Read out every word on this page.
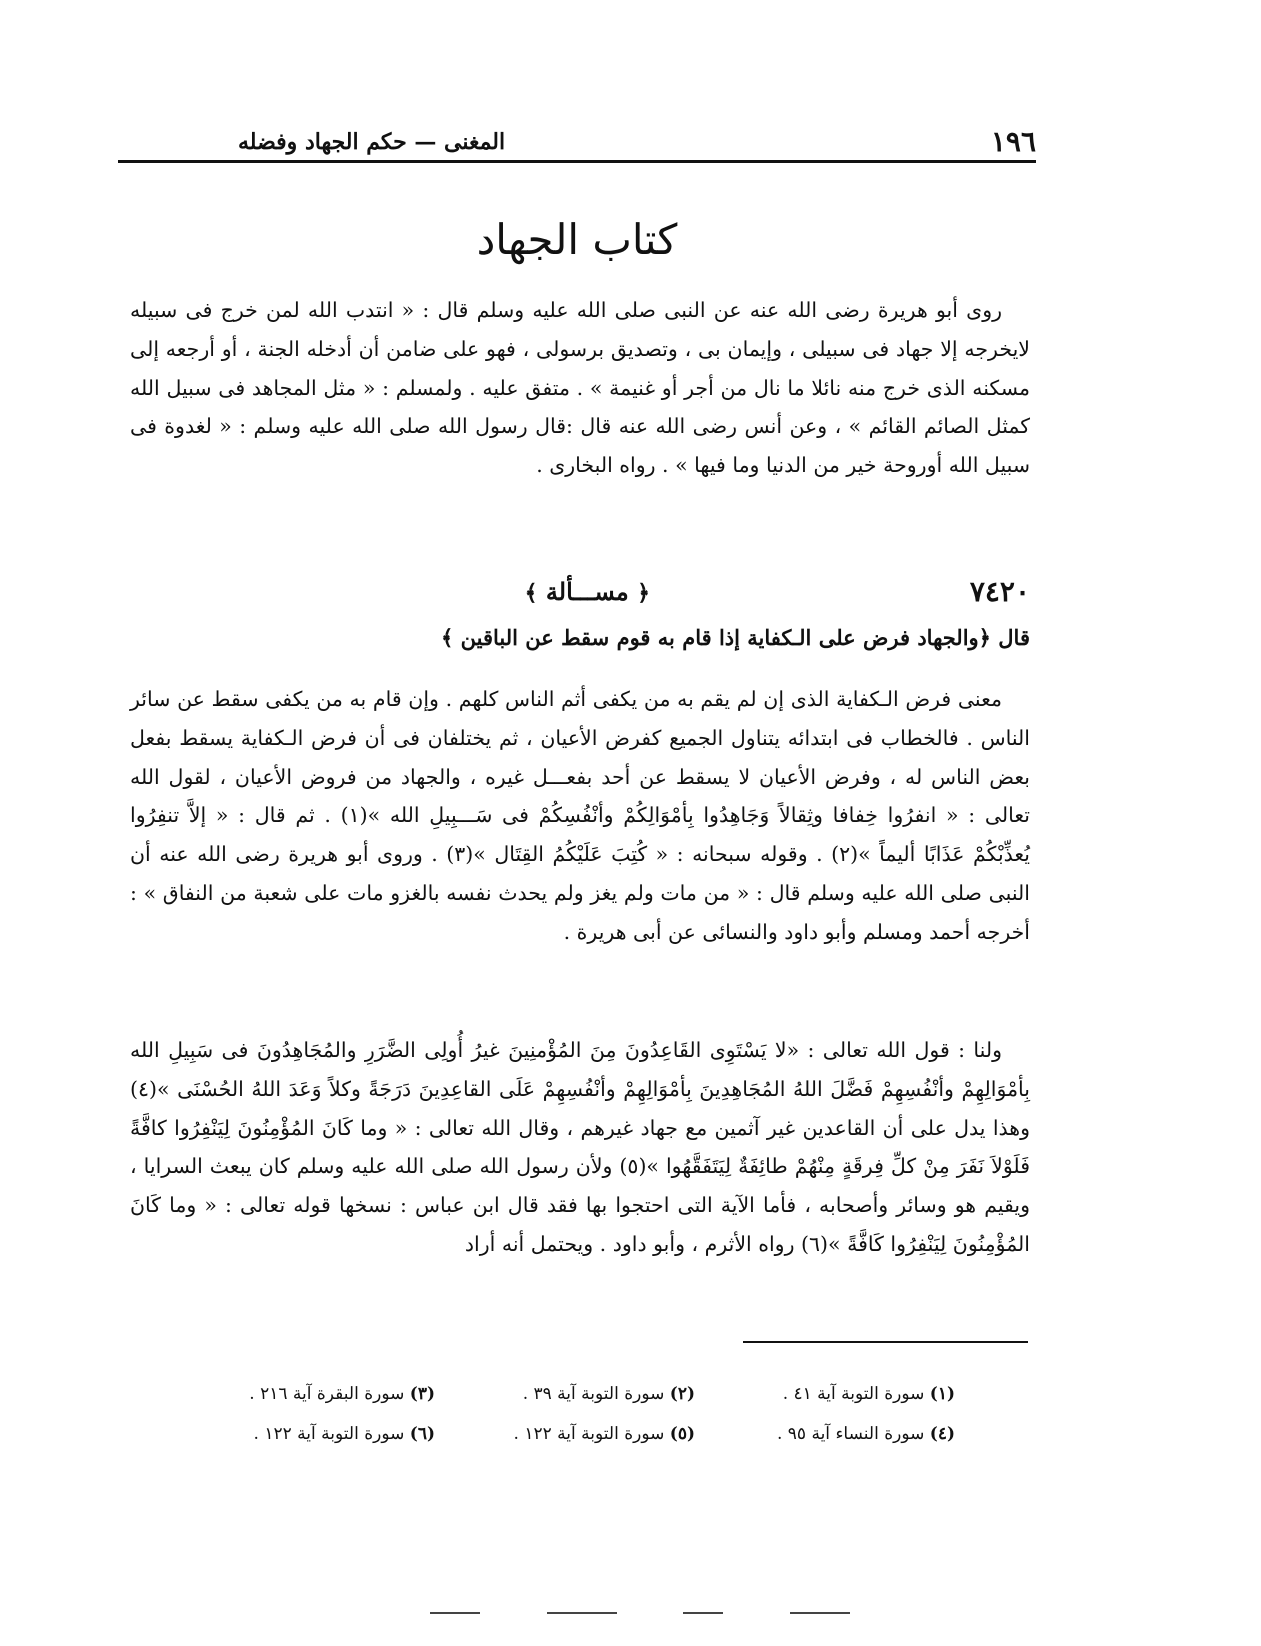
١٩٦
المغنى — حكم الجهاد وفضله
كتاب الجهاد

روى أبو هريرة رضى الله عنه عن النبى صلى الله عليه وسلم قال : « انتدب الله لمن خرج فى سبيله لايخرجه إلا جهاد فى سبيلى ، وإيمان بى ، وتصديق برسولى ، فهو على ضامن أن أدخله الجنة ، أو أرجعه إلى مسكنه الذى خرج منه نائلا ما نال من أجر أو غنيمة » . متفق عليه . ولمسلم : « مثل المجاهد فى سبيل الله كمثل الصائم القائم » ، وعن أنس رضى الله عنه قال :قال رسول الله صلى الله عليه وسلم : « لغدوة فى سبيل الله أوروحة خير من الدنيا وما فيها » . رواه البخارى .

٧٤٢٠
﴿ مســـألة ﴾

قال ﴿والجهاد فرض على الـكفاية إذا قام به قوم سقط عن الباقين ﴾

معنى فرض الـكفاية الذى إن لم يقم به من يكفى أثم الناس كلهم . وإن قام به من يكفى سقط عن سائر الناس . فالخطاب فى ابتدائه يتناول الجميع كفرض الأعيان ، ثم يختلفان فى أن فرض الـكفاية يسقط بفعل بعض الناس له ، وفرض الأعيان لا يسقط عن أحد بفعـــل غيره ، والجهاد من فروض الأعيان ، لقول الله تعالى : « انفرُوا خِفافا وثِقالاً وَجَاهِدُوا بِأمْوَالِكُمْ وأنْفُسِكُمْ فى سَـــبِيلِ الله »(١) . ثم قال : « إلاَّ تنفِرُوا يُعذِّبْكُمْ عَذَابًا أليماً »(٢) . وقوله سبحانه : « كُتِبَ عَلَيْكُمُ القِتَال »(٣) . وروى أبو هريرة رضى الله عنه أن النبى صلى الله عليه وسلم قال : « من مات ولم يغز ولم يحدث نفسه بالغزو مات على شعبة من النفاق » : أخرجه أحمد ومسلم وأبو داود والنسائى عن أبى هريرة .

ولنا : قول الله تعالى : «لا يَسْتَوِى القَاعِدُونَ مِنَ المُؤْمنِينَ غيرُ أُولِى الضَّرَرِ والمُجَاهِدُونَ فى سَبِيلِ الله بِأمْوَالِهِمْ وأنْفُسِهِمْ فَضَّلَ اللهُ المُجَاهِدِينَ بِأمْوَالِهِمْ وأنْفُسِهِمْ عَلَى القاعِدِينَ دَرَجَةً وكلاً وَعَدَ اللهُ الحُسْنَى »(٤) وهذا يدل على أن القاعدين غير آثمين مع جهاد غيرهم ، وقال الله تعالى : « وما كَانَ المُؤْمِنُونَ لِيَنْفِرُوا كافَّةً فَلَوْلاَ نَفَرَ مِنْ كلِّ فِرقَةٍ مِنْهُمْ طائِفَةٌ لِيَتَفَقَّهُوا »(٥) ولأن رسول الله صلى الله عليه وسلم كان يبعث السرايا ، ويقيم هو وسائر وأصحابه ، فأما الآية التى احتجوا بها فقد قال ابن عباس : نسخها قوله تعالى : « وما كَانَ المُؤْمِنُونَ لِيَنْفِرُوا كَافَّةً »(٦) رواه الأثرم ، وأبو داود . ويحتمل أنه أراد

(١) سورة التوبة آية ٤١ .
(٢) سورة التوبة آية ٣٩ .
(٣) سورة البقرة آية ٢١٦ .
(٤) سورة النساء آية ٩٥ .
(٥) سورة التوبة آية ١٢٢ .
(٦) سورة التوبة آية ١٢٢ .
